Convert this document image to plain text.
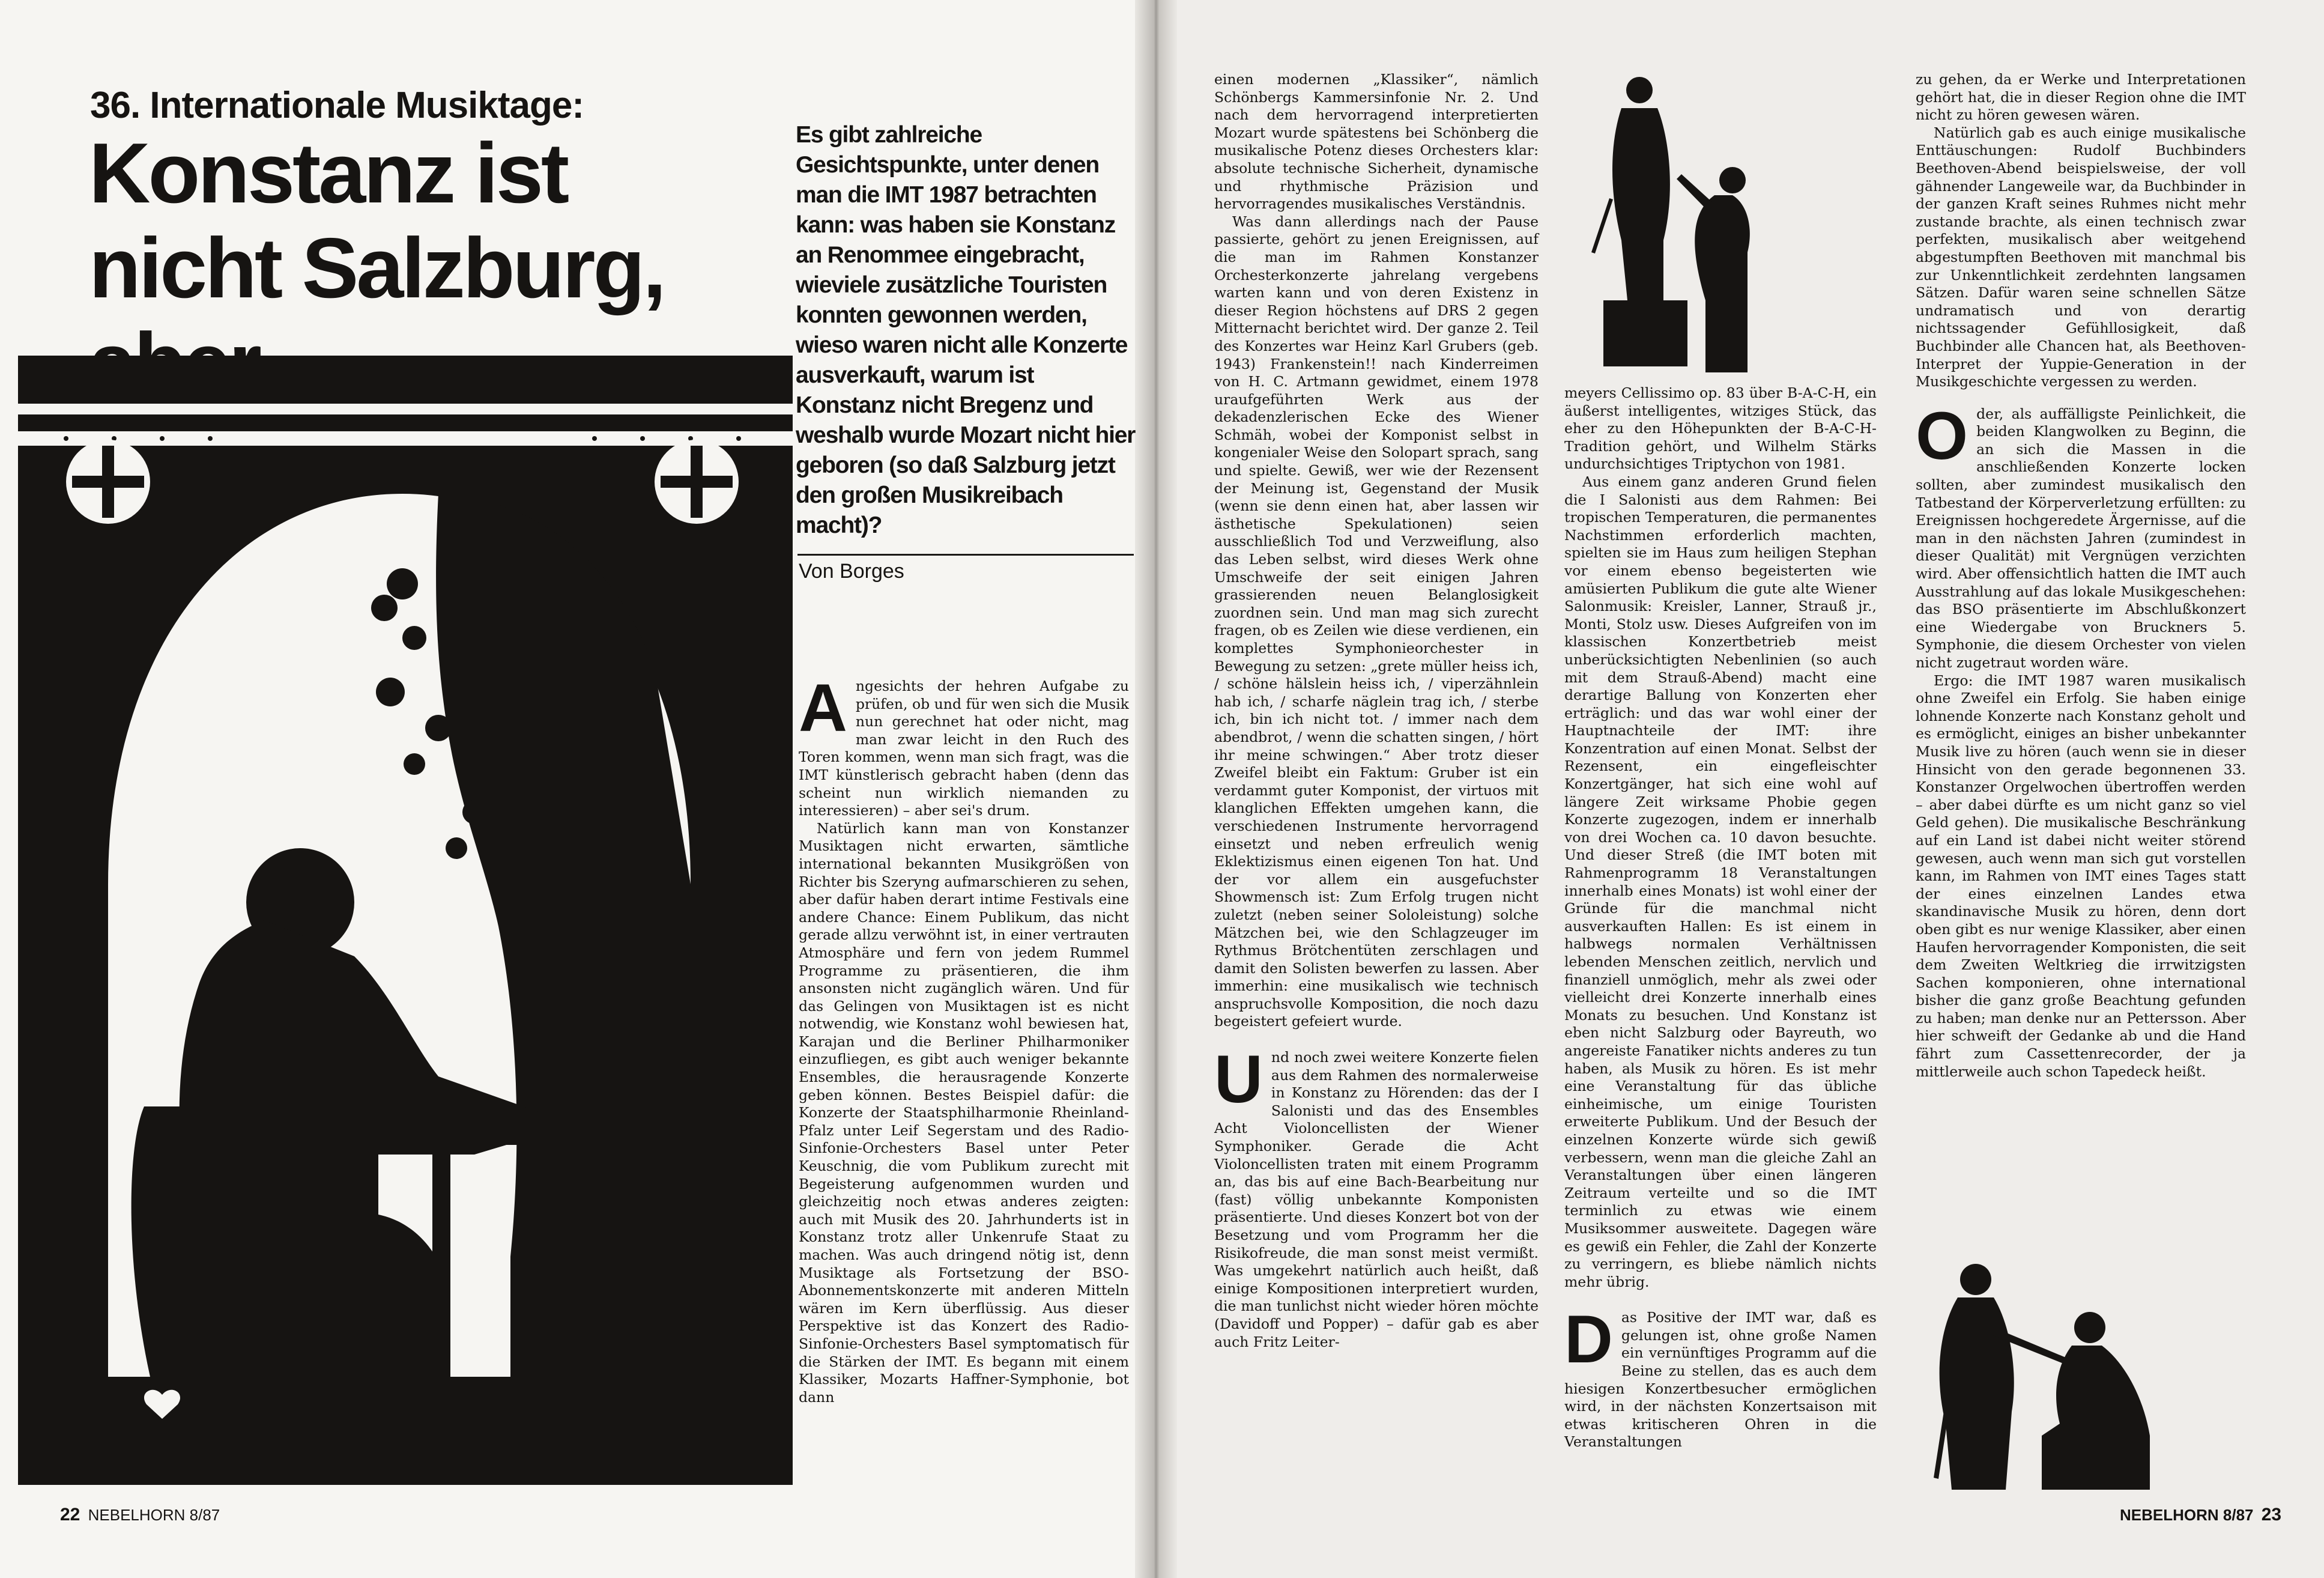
36. Internationale Musiktage:
Konstanz ist nicht Salzburg,

Es gibt zahlreiche Gesichtspunkte, unter denen man die IMT 1987 betrachten kann: was haben sie Konstanz an Renommee eingebracht, wieviele zusätzliche Touristen konnten gewonnen werden, wieso waren nicht alle Konzerte ausverkauft, warum ist Konstanz nicht Bregenz und weshalb wurde Mozart nicht hier geboren (so daß Salzburg jetzt den großen Musikreibach macht)?

Von Borges

Angesichts der hehren Aufgabe zu prüfen, ob und für wen sich die Musik nun gerechnet hat oder nicht, mag man zwar leicht in den Ruch des Toren kommen, wenn man sich fragt, was die IMT künstlerisch gebracht haben (denn das scheint nun wirklich niemanden zu interessieren) – aber sei's drum.

Natürlich kann man von Konstanzer Musiktagen nicht erwarten, sämtliche international bekannten Musikgrößen von Richter bis Szeryng aufmarschieren zu sehen, aber dafür haben derart intime Festivals eine andere Chance: Einem Publikum, das nicht gerade allzu verwöhnt ist, in einer vertrauten Atmosphäre und fern von jedem Rummel Programme zu präsentieren, die ihm ansonsten nicht zugänglich wären. Und für das Gelingen von Musiktagen ist es nicht notwendig, wie Konstanz wohl bewiesen hat, Karajan und die Berliner Philharmoniker einzufliegen, es gibt auch weniger bekannte Ensembles, die herausragende Konzerte geben können. Bestes Beispiel dafür: die Konzerte der Staatsphilharmonie Rheinland-Pfalz unter Leif Segerstam und des Radio-Sinfonie-Orchesters Basel unter Peter Keuschnig, die vom Publikum zurecht mit Begeisterung aufgenommen wurden und gleichzeitig noch etwas anderes zeigten: auch mit Musik des 20. Jahrhunderts ist in Konstanz trotz aller Unkenrufe Staat zu machen. Was auch dringend nötig ist, denn Musiktage als Fortsetzung der BSO-Abonnementskonzerte mit anderen Mitteln wären im Kern überflüssig. Aus dieser Perspektive ist das Konzert des Radio-Sinfonie-Orchesters Basel symptomatisch für die Stärken der IMT. Es begann mit einem Klassiker, Mozarts Haffner-Symphonie, bot dann

22 NEBELHORN 8/87

einen modernen „Klassiker“, nämlich Schönbergs Kammersinfonie Nr. 2. Und nach dem hervorragend interpretierten Mozart wurde spätestens bei Schönberg die musikalische Potenz dieses Orchesters klar: absolute technische Sicherheit, dynamische und rhythmische Präzision und hervorragendes musikalisches Verständnis.

Was dann allerdings nach der Pause passierte, gehört zu jenen Ereignissen, auf die man im Rahmen Konstanzer Orchesterkonzerte jahrelang vergebens warten kann und von deren Existenz in dieser Region höchstens auf DRS 2 gegen Mitternacht berichtet wird. Der ganze 2. Teil des Konzertes war Heinz Karl Grubers (geb. 1943) Frankenstein!! nach Kinderreimen von H. C. Artmann gewidmet, einem 1978 uraufgeführten Werk aus der dekadenzlerischen Ecke des Wiener Schmäh, wobei der Komponist selbst in kongenialer Weise den Solopart sprach, sang und spielte. Gewiß, wer wie der Rezensent der Meinung ist, Gegenstand der Musik (wenn sie denn einen hat, aber lassen wir ästhetische Spekulationen) seien ausschließlich Tod und Verzweiflung, also das Leben selbst, wird dieses Werk ohne Umschweife der seit einigen Jahren grassierenden neuen Belanglosigkeit zuordnen sein. Und man mag sich zurecht fragen, ob es Zeilen wie diese verdienen, ein komplettes Symphonieorchester in Bewegung zu setzen: „grete müller heiss ich, / schöne hälslein heiss ich, / viperzähnlein hab ich, / scharfe näglein trag ich, / sterbe ich, bin ich nicht tot. / immer nach dem abendbrot, / wenn die schatten singen, / hört ihr meine schwingen.“ Aber trotz dieser Zweifel bleibt ein Faktum: Gruber ist ein verdammt guter Komponist, der virtuos mit klanglichen Effekten umgehen kann, die verschiedenen Instrumente hervorragend einsetzt und neben erfreulich wenig Eklektizismus einen eigenen Ton hat. Und der vor allem ein ausgefuchster Showmensch ist: Zum Erfolg trugen nicht zuletzt (neben seiner Sololeistung) solche Mätzchen bei, wie den Schlagzeuger im Rythmus Brötchentüten zerschlagen und damit den Solisten bewerfen zu lassen. Aber immerhin: eine musikalisch wie technisch anspruchsvolle Komposition, die noch dazu begeistert gefeiert wurde.

Und noch zwei weitere Konzerte fielen aus dem Rahmen des normalerweise in Konstanz zu Hörenden: das der I Salonisti und das des Ensembles Acht Violoncellisten der Wiener Symphoniker. Gerade die Acht Violoncellisten traten mit einem Programm an, das bis auf eine Bach-Bearbeitung nur (fast) völlig unbekannte Komponisten präsentierte. Und dieses Konzert bot von der Besetzung und vom Programm her die Risikofreude, die man sonst meist vermißt. Was umgekehrt natürlich auch heißt, daß einige Kompositionen interpretiert wurden, die man tunlichst nicht wieder hören möchte (Davidoff und Popper) – dafür gab es aber auch Fritz Leiter-

meyers Cellissimo op. 83 über B-A-C-H, ein äußerst intelligentes, witziges Stück, das eher zu den Höhepunkten der B-A-C-H-Tradition gehört, und Wilhelm Stärks undurchsichtiges Triptychon von 1981.

Aus einem ganz anderen Grund fielen die I Salonisti aus dem Rahmen: Bei tropischen Temperaturen, die permanentes Nachstimmen erforderlich machten, spielten sie im Haus zum heiligen Stephan vor einem ebenso begeisterten wie amüsierten Publikum die gute alte Wiener Salonmusik: Kreisler, Lanner, Strauß jr., Monti, Stolz usw. Dieses Aufgreifen von im klassischen Konzertbetrieb meist unberücksichtigten Nebenlinien (so auch mit dem Strauß-Abend) macht eine derartige Ballung von Konzerten eher erträglich: und das war wohl einer der Hauptnachteile der IMT: ihre Konzentration auf einen Monat. Selbst der Rezensent, ein eingefleischter Konzertgänger, hat sich eine wohl auf längere Zeit wirksame Phobie gegen Konzerte zugezogen, indem er innerhalb von drei Wochen ca. 10 davon besuchte. Und dieser Streß (die IMT boten mit Rahmenprogramm 18 Veranstaltungen innerhalb eines Monats) ist wohl einer der Gründe für die manchmal nicht ausverkauften Hallen: Es ist einem in halbwegs normalen Verhältnissen lebenden Menschen zeitlich, nervlich und finanziell unmöglich, mehr als zwei oder vielleicht drei Konzerte innerhalb eines Monats zu besuchen. Und Konstanz ist eben nicht Salzburg oder Bayreuth, wo angereiste Fanatiker nichts anderes zu tun haben, als Musik zu hören. Es ist mehr eine Veranstaltung für das übliche einheimische, um einige Touristen erweiterte Publikum. Und der Besuch der einzelnen Konzerte würde sich gewiß verbessern, wenn man die gleiche Zahl an Veranstaltungen über einen längeren Zeitraum verteilte und so die IMT terminlich zu etwas wie einem Musiksommer ausweitete. Dagegen wäre es gewiß ein Fehler, die Zahl der Konzerte zu verringern, es bliebe nämlich nichts mehr übrig.

Das Positive der IMT war, daß es gelungen ist, ohne große Namen ein vernünftiges Programm auf die Beine zu stellen, das es auch dem hiesigen Konzertbesucher ermöglichen wird, in der nächsten Konzertsaison mit etwas kritischeren Ohren in die Veranstaltungen

zu gehen, da er Werke und Interpretationen gehört hat, die in dieser Region ohne die IMT nicht zu hören gewesen wären.

Natürlich gab es auch einige musikalische Enttäuschungen: Rudolf Buchbinders Beethoven-Abend beispielsweise, der voll gähnender Langeweile war, da Buchbinder in der ganzen Kraft seines Ruhmes nicht mehr zustande brachte, als einen technisch zwar perfekten, musikalisch aber weitgehend abgestumpften Beethoven mit manchmal bis zur Unkenntlichkeit zerdehnten langsamen Sätzen. Dafür waren seine schnellen Sätze undramatisch und von derartig nichtssagender Gefühllosigkeit, daß Buchbinder alle Chancen hat, als Beethoven-Interpret der Yuppie-Generation in der Musikgeschichte vergessen zu werden.

Oder, als auffälligste Peinlichkeit, die beiden Klangwolken zu Beginn, die an sich die Massen in die anschließenden Konzerte locken sollten, aber zumindest musikalisch den Tatbestand der Körperverletzung erfüllten: zu Ereignissen hochgeredete Ärgernisse, auf die man in den nächsten Jahren (zumindest in dieser Qualität) mit Vergnügen verzichten wird. Aber offensichtlich hatten die IMT auch Ausstrahlung auf das lokale Musikgeschehen: das BSO präsentierte im Abschlußkonzert eine Wiedergabe von Bruckners 5. Symphonie, die diesem Orchester von vielen nicht zugetraut worden wäre.

Ergo: die IMT 1987 waren musikalisch ohne Zweifel ein Erfolg. Sie haben einige lohnende Konzerte nach Konstanz geholt und es ermöglicht, einiges an bisher unbekannter Musik live zu hören (auch wenn sie in dieser Hinsicht von den gerade begonnenen 33. Konstanzer Orgelwochen übertroffen werden – aber dabei dürfte es um nicht ganz so viel Geld gehen). Die musikalische Beschränkung auf ein Land ist dabei nicht weiter störend gewesen, auch wenn man sich gut vorstellen kann, im Rahmen von IMT eines Tages statt der eines einzelnen Landes etwa skandinavische Musik zu hören, denn dort oben gibt es nur wenige Klassiker, aber einen Haufen hervorragender Komponisten, die seit dem Zweiten Weltkrieg die irrwitzigsten Sachen komponieren, ohne international bisher die ganz große Beachtung gefunden zu haben; man denke nur an Pettersson. Aber hier schweift der Gedanke ab und die Hand fährt zum Cassettenrecorder, der ja mittlerweile auch schon Tapedeck heißt.

NEBELHORN 8/87 23
